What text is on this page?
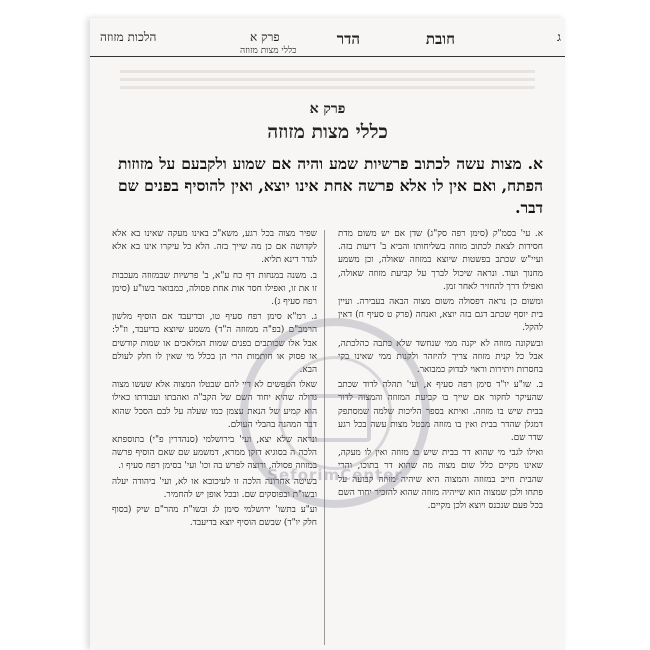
הלכות מזוזה	פרק א
כללי מצות מזוזה
הדר	חובת	ג
פרק א
כללי מצות מזוזה
א. מצות עשה לכתוב פרשיות שמע והיה אם שמוע ולקבעם על מזוזות הפתח, ואם אין לו אלא פרשה אחת אינו יוצא, ואין להוסיף בפנים שם דבר.

א. עי' בסמ"ק (סימן רפה סק"ג) שדן אם יש משום מדת חסידות לצאת לכתוב מזוזה בשליחותו והביא ב' דיעות בזה. ועיי"ש שכתב בפשטות שיוצא במזוזה שאולה, וכן משמע מחנוך ועוד. ונראה שיכול לברך על קביעת מזוזה שאולה, ואפילו דרך להחזיר לאחר זמן.

ומשום כן נראה דפסולה משום מצוה הבאה בעבירה. ועיין בית יוסף שכתב דגם בזה יוצא, ואנחה (פרק ט סעיף ח) דאין להקל.

ובשקונה מזוזה לא יקנה ממי שנחשד שלא כתבה כהלכתה, אבל כל קנית מזוזה צריך להיזהר ולקנות ממי שאינו בקי בחסרות ויתירות וראוי לבדוק כמבואר.

ב. שו"ע יו"ד סימן רפה סעיף א, ועי' תהלה לדוד שכתב שהעיקר לחקור אם שייך בו קביעת המזוזה והמצוה לדור בבית שיש בו מזוזה. ואיתא בספר הליכות שלמה שמסתפק דמגלן שהדר בבית ואין בו מזוזה מבטל מצות עשה בכל רגע שדר שם.

ואילו לגבי מי שהוא דר בבית שיש בו מזוזה ואין לו מעקה, שאינו מקיים כלל שום מצוה מה שהוא דר בתוכו, והרי שהבית חייב במזוזה והמצוה היא שיהיה מזוזה קבועה על פתחו ולכן שמצוה הוא שייהיה מזוזה שהוא להזכיר יחוד השם בכל פעם שנכנס ויוצא ולכן מקיים.

שפיר מצוה בכל רגע, משא"כ באינו מעקה שאינו בא אלא לקדושה אם כן מה שייך בזה. הלא כל עיקרו אינו בא אלא לגדר דינא תליא.

ב. משנה במנחות דף כח ע"א, ב' פרשיות שבמזוזה מעכבות זו את זו, ואפילו חסר אות אחת פסולה, כמבואר בשו"ע (סימן רפח סעיף ג).

ג. רמ"א סימן רפח סעיף טו, ובדיעבד אם הוסיף מלשון הרמב"ם (בפ"ה ממזוזה ה"ד) משמע שיוצא בדיעבד, וז"ל: אבל אלו שכותבים בפנים שמות המלאכים או שמות קודשים או פסוק או חותמות הרי הן בכלל מי שאין לו חלק לעולם הבא.

שאלו הטפשים לא דיי להם שבטלו המצוה אלא שעשו מצוה גדולה שהיא יחוד השם של הקב"ה ואהבתו ועבודתו כאילו הוא קמיע של הנאת עצמן כמו שעלה על לבם הסכל שהוא דבר המהנה בהבלי העולם.

ונראה שלא יצא, ועי' בירושלמי (סנהדרין פ"י) בתוספתא הלכה ה בסוגיא דזקן ממרא, דמשמע שם שאם הוסיף פרשה במזוזה פסולה, ורוצה לפרש בה וכו' ועי' בסימן רפח סעיף ו.

בשיטה אחרונה הלכה זו לעיכובא או לא, ועי' ביהודה יעלה ובשו"ת ובפוסקים שם. ובכל אופן יש להחמיר.

וע"ע בתשו' ירושלמי סימן לג ובשו"ת מהר"ם שיק (בסוף חלק יו"ד) שבשם הוסיף יוצא בדיעבד.

SeforimCenter
